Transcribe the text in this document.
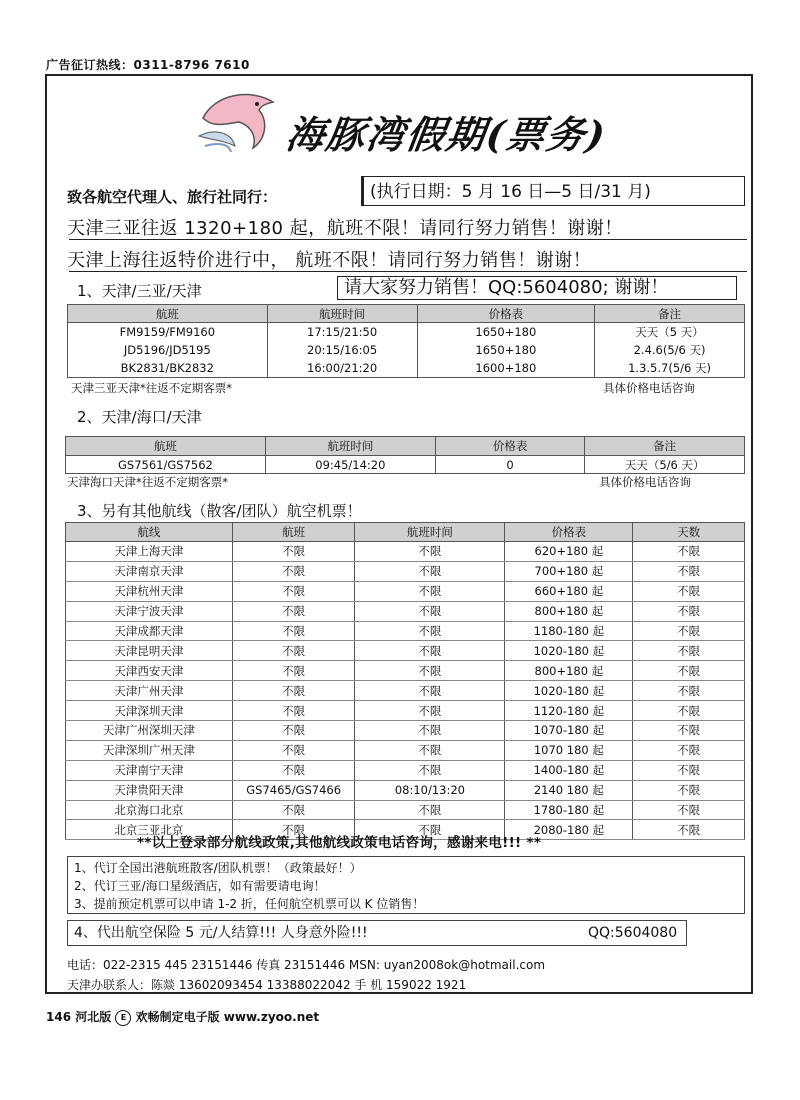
广告征订热线：0311-8796 7610
海豚湾假期(票务)
致各航空代理人、旅行社同行：	(执行日期：5 月 16 日—5 日/31 月)
天津三亚往返 1320+180 起，航班不限！请同行努力销售！谢谢！
天津上海往返特价进行中， 航班不限！请同行努力销售！谢谢！
1、天津/三亚/天津	请大家努力销售！QQ:5604080; 谢谢！
航班	航班时间	价格表	备注
FM9159/FM9160	17:15/21:50	1650+180	天天（5 天）
JD5196/JD5195	20:15/16:05	1650+180	2.4.6(5/6 天)
BK2831/BK2832	16:00/21:20	1600+180	1.3.5.7(5/6 天)
天津三亚天津*往返不定期客票*	具体价格电话咨询
2、天津/海口/天津
航班	航班时间	价格表	备注
GS7561/GS7562	09:45/14:20	0	天天（5/6 天）
天津海口天津*往返不定期客票*	具体价格电话咨询
3、另有其他航线（散客/团队）航空机票！
航线	航班	航班时间	价格表	天数
天津上海天津	不限	不限	620+180 起	不限
天津南京天津	不限	不限	700+180 起	不限
天津杭州天津	不限	不限	660+180 起	不限
天津宁波天津	不限	不限	800+180 起	不限
天津成都天津	不限	不限	1180-180 起	不限
天津昆明天津	不限	不限	1020-180 起	不限
天津西安天津	不限	不限	800+180 起	不限
天津广州天津	不限	不限	1020-180 起	不限
天津深圳天津	不限	不限	1120-180 起	不限
天津广州深圳天津	不限	不限	1070-180 起	不限
天津深圳广州天津	不限	不限	1070 180 起	不限
天津南宁天津	不限	不限	1400-180 起	不限
天津贵阳天津	GS7465/GS7466	08:10/13:20	2140 180 起	不限
北京海口北京	不限	不限	1780-180 起	不限
北京三亚北京	不限	不限	2080-180 起	不限
**以上登录部分航线政策,其他航线政策电话咨询，感谢来电!!! **
1、代订全国出港航班散客/团队机票！（政策最好！）
2、代订三亚/海口星级酒店，如有需要请电询！
3、提前预定机票可以申请 1-2 折，任何航空机票可以 K 位销售！
4、代出航空保险 5 元/人结算!!! 人身意外险!!!	QQ:5604080
电话：022-2315 445 23151446 传真 23151446 MSN: uyan2008ok@hotmail.com
天津办联系人：陈燚 13602093454 13388022042 手 机 159022 1921
146 河北版 E 欢畅制定电子版 www.zyoo.net
